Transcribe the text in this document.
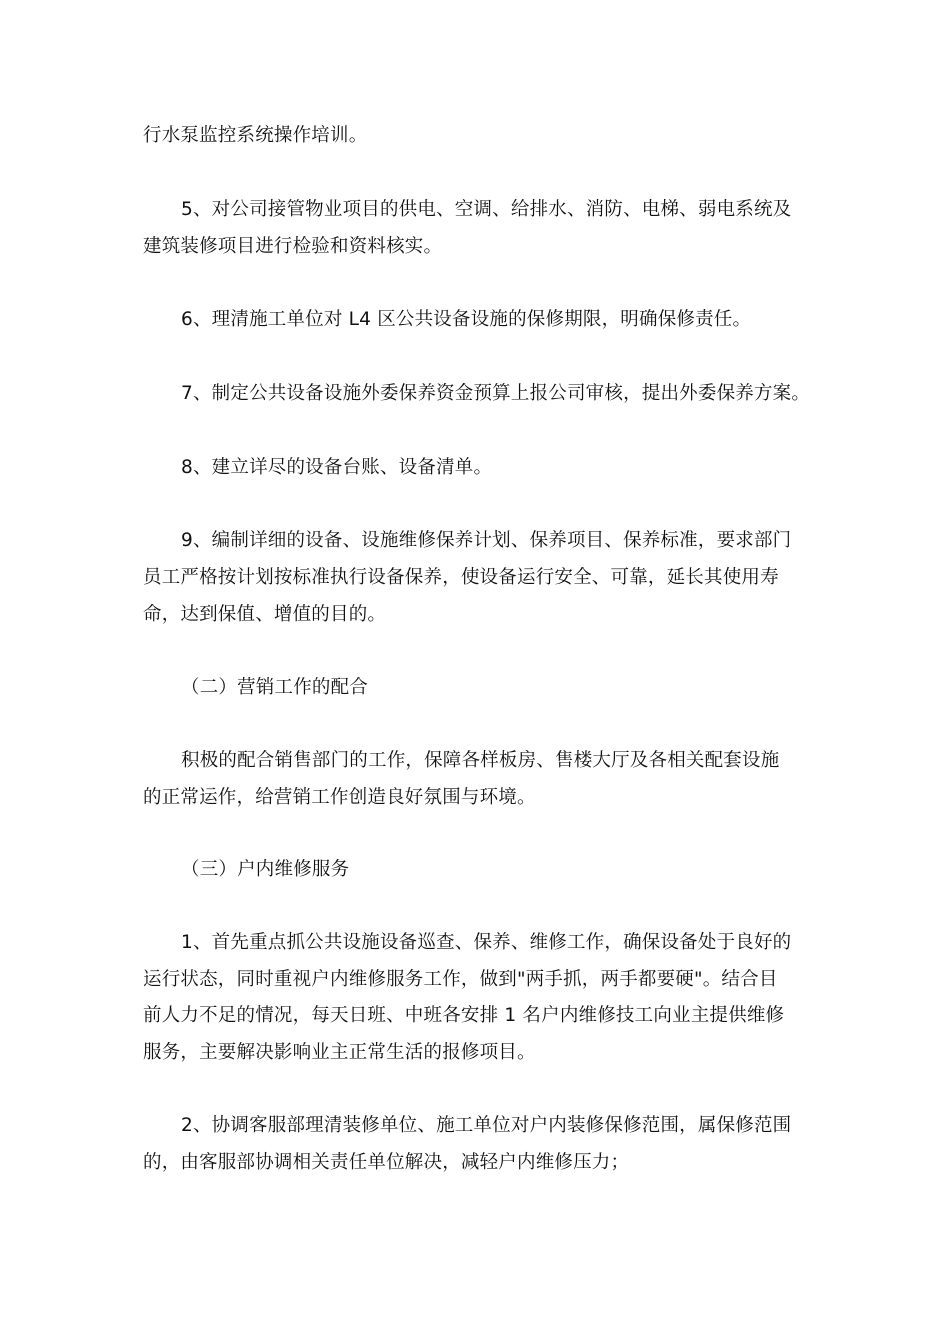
行水泵监控系统操作培训。
5、对公司接管物业项目的供电、空调、给排水、消防、电梯、弱电系统及
建筑装修项目进行检验和资料核实。
6、理清施工单位对 L4 区公共设备设施的保修期限，明确保修责任。
7、制定公共设备设施外委保养资金预算上报公司审核，提出外委保养方案。
8、建立详尽的设备台账、设备清单。
9、编制详细的设备、设施维修保养计划、保养项目、保养标准，要求部门
员工严格按计划按标准执行设备保养，使设备运行安全、可靠，延长其使用寿
命，达到保值、增值的目的。
（二）营销工作的配合
积极的配合销售部门的工作，保障各样板房、售楼大厅及各相关配套设施
的正常运作，给营销工作创造良好氛围与环境。
（三）户内维修服务
1、首先重点抓公共设施设备巡查、保养、维修工作，确保设备处于良好的
运行状态，同时重视户内维修服务工作，做到"两手抓，两手都要硬"。结合目
前人力不足的情况，每天日班、中班各安排 1 名户内维修技工向业主提供维修
服务，主要解决影响业主正常生活的报修项目。
2、协调客服部理清装修单位、施工单位对户内装修保修范围，属保修范围
的，由客服部协调相关责任单位解决，减轻户内维修压力；
